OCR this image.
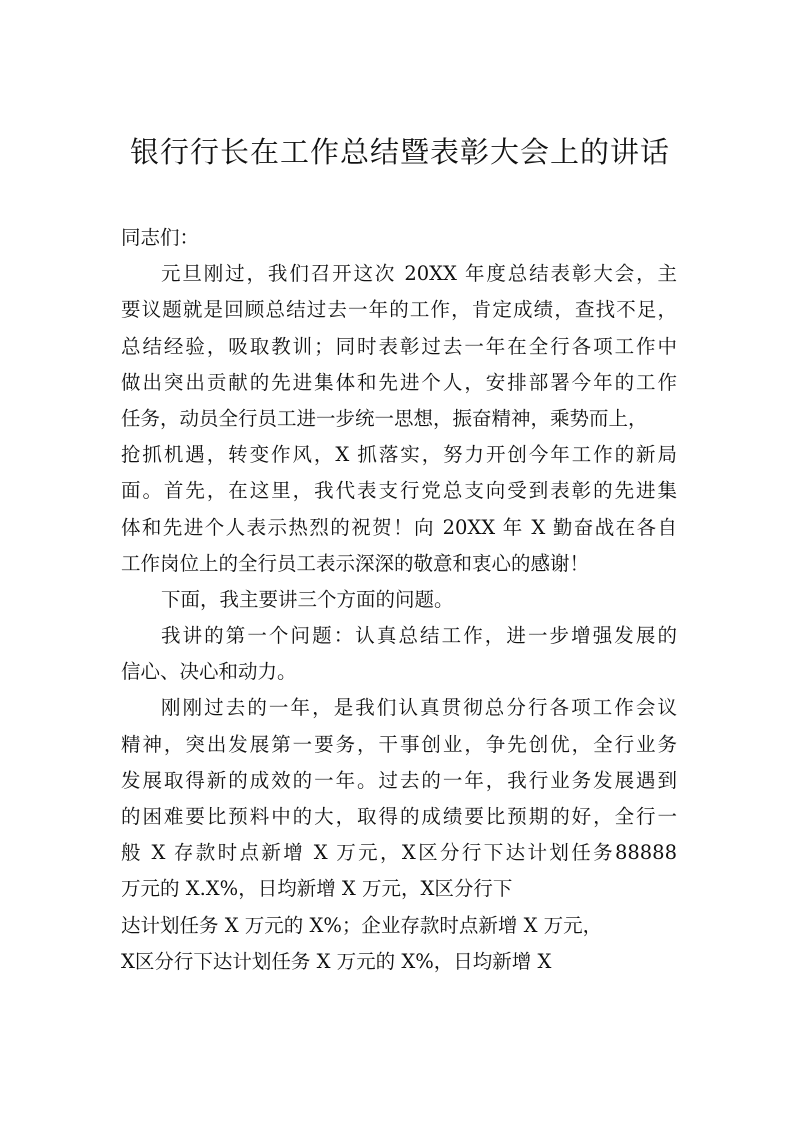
银行行长在工作总结暨表彰大会上的讲话
同志们：
元旦刚过，我们召开这次 20XX 年度总结表彰大会，主
要议题就是回顾总结过去一年的工作，肯定成绩，查找不足，
总结经验，吸取教训；同时表彰过去一年在全行各项工作中
做出突出贡献的先进集体和先进个人，安排部署今年的工作
任务，动员全行员工进一步统一思想，振奋精神，乘势而上，
抢抓机遇，转变作风，X 抓落实，努力开创今年工作的新局
面。首先，在这里，我代表支行党总支向受到表彰的先进集
体和先进个人表示热烈的祝贺！向 20XX 年 X 勤奋战在各自
工作岗位上的全行员工表示深深的敬意和衷心的感谢！
下面，我主要讲三个方面的问题。
我讲的第一个问题：认真总结工作，进一步增强发展的
信心、决心和动力。
刚刚过去的一年，是我们认真贯彻总分行各项工作会议
精神，突出发展第一要务，干事创业，争先创优，全行业务
发展取得新的成效的一年。过去的一年，我行业务发展遇到
的困难要比预料中的大，取得的成绩要比预期的好，全行一
般 X 存款时点新增 X 万元，X区分行下达计划任务88888
万元的 X.X%，日均新增 X 万元，X区分行下
达计划任务 X 万元的 X%；企业存款时点新增 X 万元，
X区分行下达计划任务 X 万元的 X%，日均新增 X
